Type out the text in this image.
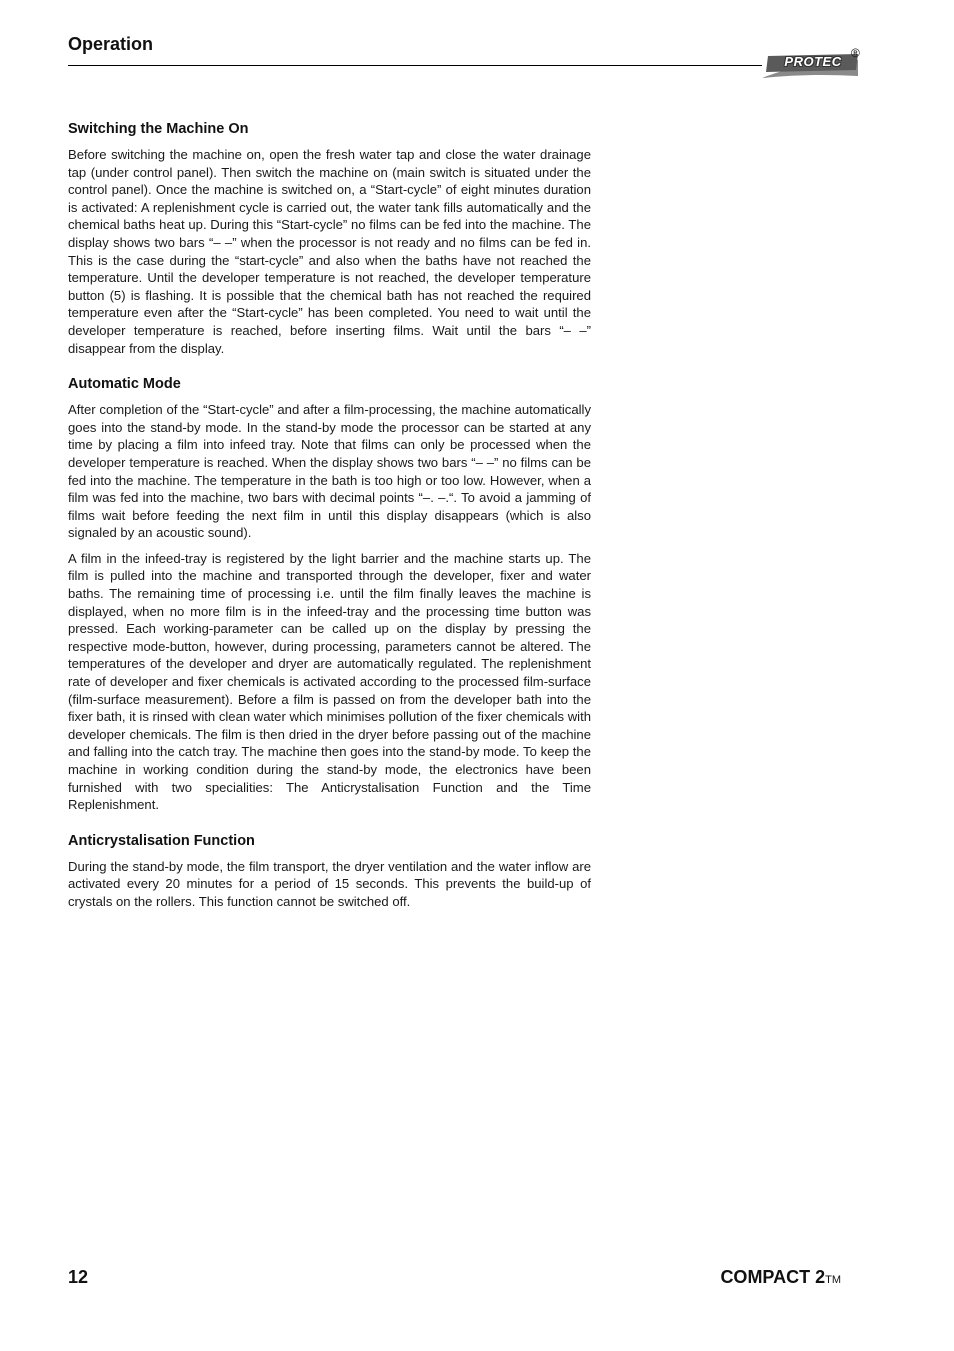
Operation
PROTEC
®
Switching the Machine On

Before switching the machine on, open the fresh water tap and close the water drainage tap (under control panel). Then switch the machine on (main switch is situated under the control panel). Once the machine is switched on, a “Start-cycle” of eight minutes duration is activated: A replenishment cycle is carried out, the water tank fills automatically and the chemical baths heat up. During this “Start-cycle” no films can be fed into the machine. The display shows two bars “– –” when the processor is not ready and no films can be fed in. This is the case during the “start-cycle” and also when the baths have not reached the temperature. Until the developer temperature is not reached, the developer temperature button (5) is flashing. It is possible that the chemical bath has not reached the required temperature even after the “Start-cycle” has been completed. You need to wait until the developer temperature is reached, before inserting films. Wait until the bars “– –” disappear from the display.

Automatic Mode

After completion of the “Start-cycle” and after a film-processing, the machine automatically goes into the stand-by mode. In the stand-by mode the processor can be started at any time by placing a film into infeed tray. Note that films can only be processed when the developer temperature is reached. When the display shows two bars “– –” no films can be fed into the machine. The temperature in the bath is too high or too low. However, when a film was fed into the machine, two bars with decimal points “–. –.“. To avoid a jamming of films wait before feeding the next film in until this display disappears (which is also signaled by an acoustic sound).

A film in the infeed-tray is registered by the light barrier and the machine starts up. The film is pulled into the machine and transported through the developer, fixer and water baths. The remaining time of processing i.e. until the film finally leaves the machine is displayed, when no more film is in the infeed-tray and the processing time button was pressed. Each working-parameter can be called up on the display by pressing the respective mode-button, however, during processing, parameters cannot be altered. The temperatures of the developer and dryer are automatically regulated. The replenishment rate of developer and fixer chemicals is activated according to the processed film-surface (film-surface measurement). Before a film is passed on from the developer bath into the fixer bath, it is rinsed with clean water which minimises pollution of the fixer chemicals with developer chemicals. The film is then dried in the dryer before passing out of the machine and falling into the catch tray. The machine then goes into the stand-by mode. To keep the machine in working condition during the stand-by mode, the electronics have been furnished with two specialities: The Anticrystalisation Function and the Time Replenishment.

Anticrystalisation Function

During the stand-by mode, the film transport, the dryer ventilation and the water inflow are activated every 20 minutes for a period of 15 seconds. This prevents the build-up of crystals on the rollers. This function cannot be switched off.

12	COMPACT 2TM
